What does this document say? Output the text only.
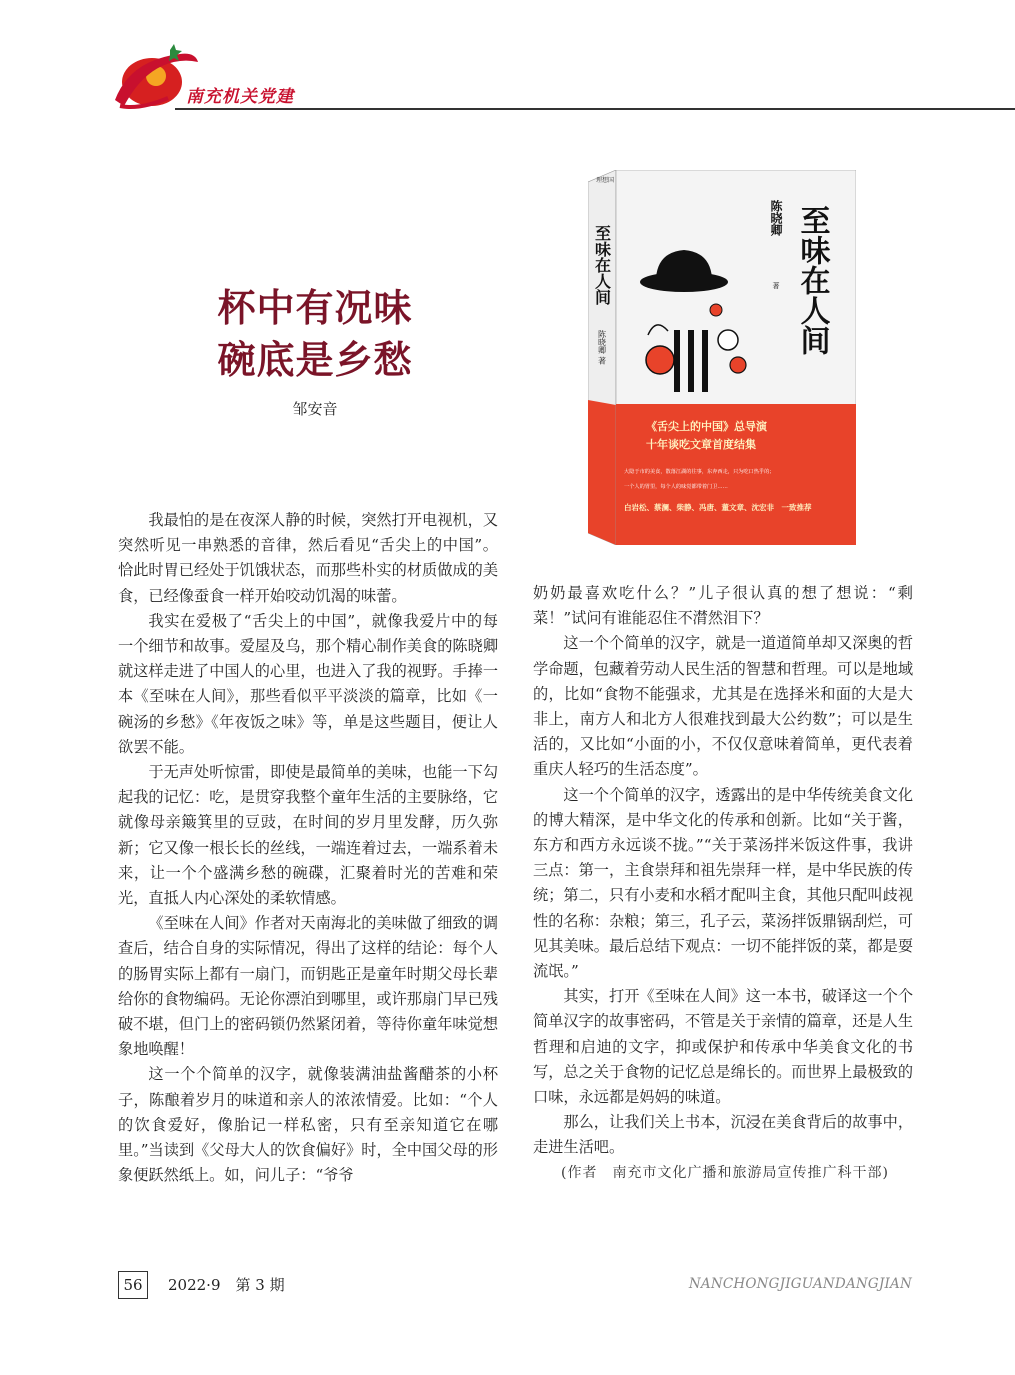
南充机关党建
杯中有况味
碗底是乡愁
邹安音
理想国
至味在人间
陈晓卿 著
陈晓卿
著 至味在人间
《舌尖上的中国》总导演
十年谈吃文章首度结集
大隐于市的美食，散落江湖的往事，东奔西走，只为吃口热乎的；
一个人的胃里，每个人的味觉都带着门卫……
白岩松、蔡澜、柴静、冯唐、董文章、沈宏非　一致推荐

我最怕的是在夜深人静的时候，突然打开电视机，又突然听见一串熟悉的音律，然后看见“舌尖上的中国”。恰此时胃已经处于饥饿状态，而那些朴实的材质做成的美食，已经像蚕食一样开始咬动饥渴的味蕾。

我实在爱极了“舌尖上的中国”，就像我爱片中的每一个细节和故事。爱屋及乌，那个精心制作美食的陈晓卿就这样走进了中国人的心里，也进入了我的视野。手捧一本《至味在人间》，那些看似平平淡淡的篇章，比如《一碗汤的乡愁》《年夜饭之味》等，单是这些题目，便让人欲罢不能。

于无声处听惊雷，即使是最简单的美味，也能一下勾起我的记忆：吃，是贯穿我整个童年生活的主要脉络，它就像母亲簸箕里的豆豉，在时间的岁月里发酵，历久弥新；它又像一根长长的丝线，一端连着过去，一端系着未来，让一个个盛满乡愁的碗碟，汇聚着时光的苦难和荣光，直抵人内心深处的柔软情感。

《至味在人间》作者对天南海北的美味做了细致的调查后，结合自身的实际情况，得出了这样的结论：每个人的肠胃实际上都有一扇门，而钥匙正是童年时期父母长辈给你的食物编码。无论你漂泊到哪里，或许那扇门早已残破不堪，但门上的密码锁仍然紧闭着，等待你童年味觉想象地唤醒！

这一个个简单的汉字，就像装满油盐酱醋茶的小杯子，陈酿着岁月的味道和亲人的浓浓情爱。比如：“个人的饮食爱好，像胎记一样私密，只有至亲知道它在哪里。”当读到《父母大人的饮食偏好》时，全中国父母的形象便跃然纸上。如，问儿子：“爷爷

奶奶最喜欢吃什么？”儿子很认真的想了想说：“剩菜！”试问有谁能忍住不潸然泪下？

这一个个简单的汉字，就是一道道简单却又深奥的哲学命题，包藏着劳动人民生活的智慧和哲理。可以是地域的，比如“食物不能强求，尤其是在选择米和面的大是大非上，南方人和北方人很难找到最大公约数”；可以是生活的，又比如“小面的小，不仅仅意味着简单，更代表着重庆人轻巧的生活态度”。

这一个个简单的汉字，透露出的是中华传统美食文化的博大精深，是中华文化的传承和创新。比如“关于酱，东方和西方永远谈不拢。”“关于菜汤拌米饭这件事，我讲三点：第一，主食崇拜和祖先崇拜一样，是中华民族的传统；第二，只有小麦和水稻才配叫主食，其他只配叫歧视性的名称：杂粮；第三，孔子云，菜汤拌饭鼎锅刮烂，可见其美味。最后总结下观点：一切不能拌饭的菜，都是耍流氓。”

其实，打开《至味在人间》这一本书，破译这一个个简单汉字的故事密码，不管是关于亲情的篇章，还是人生哲理和启迪的文字，抑或保护和传承中华美食文化的书写，总之关于食物的记忆总是绵长的。而世界上最极致的口味，永远都是妈妈的味道。

那么，让我们关上书本，沉浸在美食背后的故事中，走进生活吧。

(作者　南充市文化广播和旅游局宣传推广科干部)

56	2022·9　第 3 期	NANCHONGJIGUANDANGJIAN
